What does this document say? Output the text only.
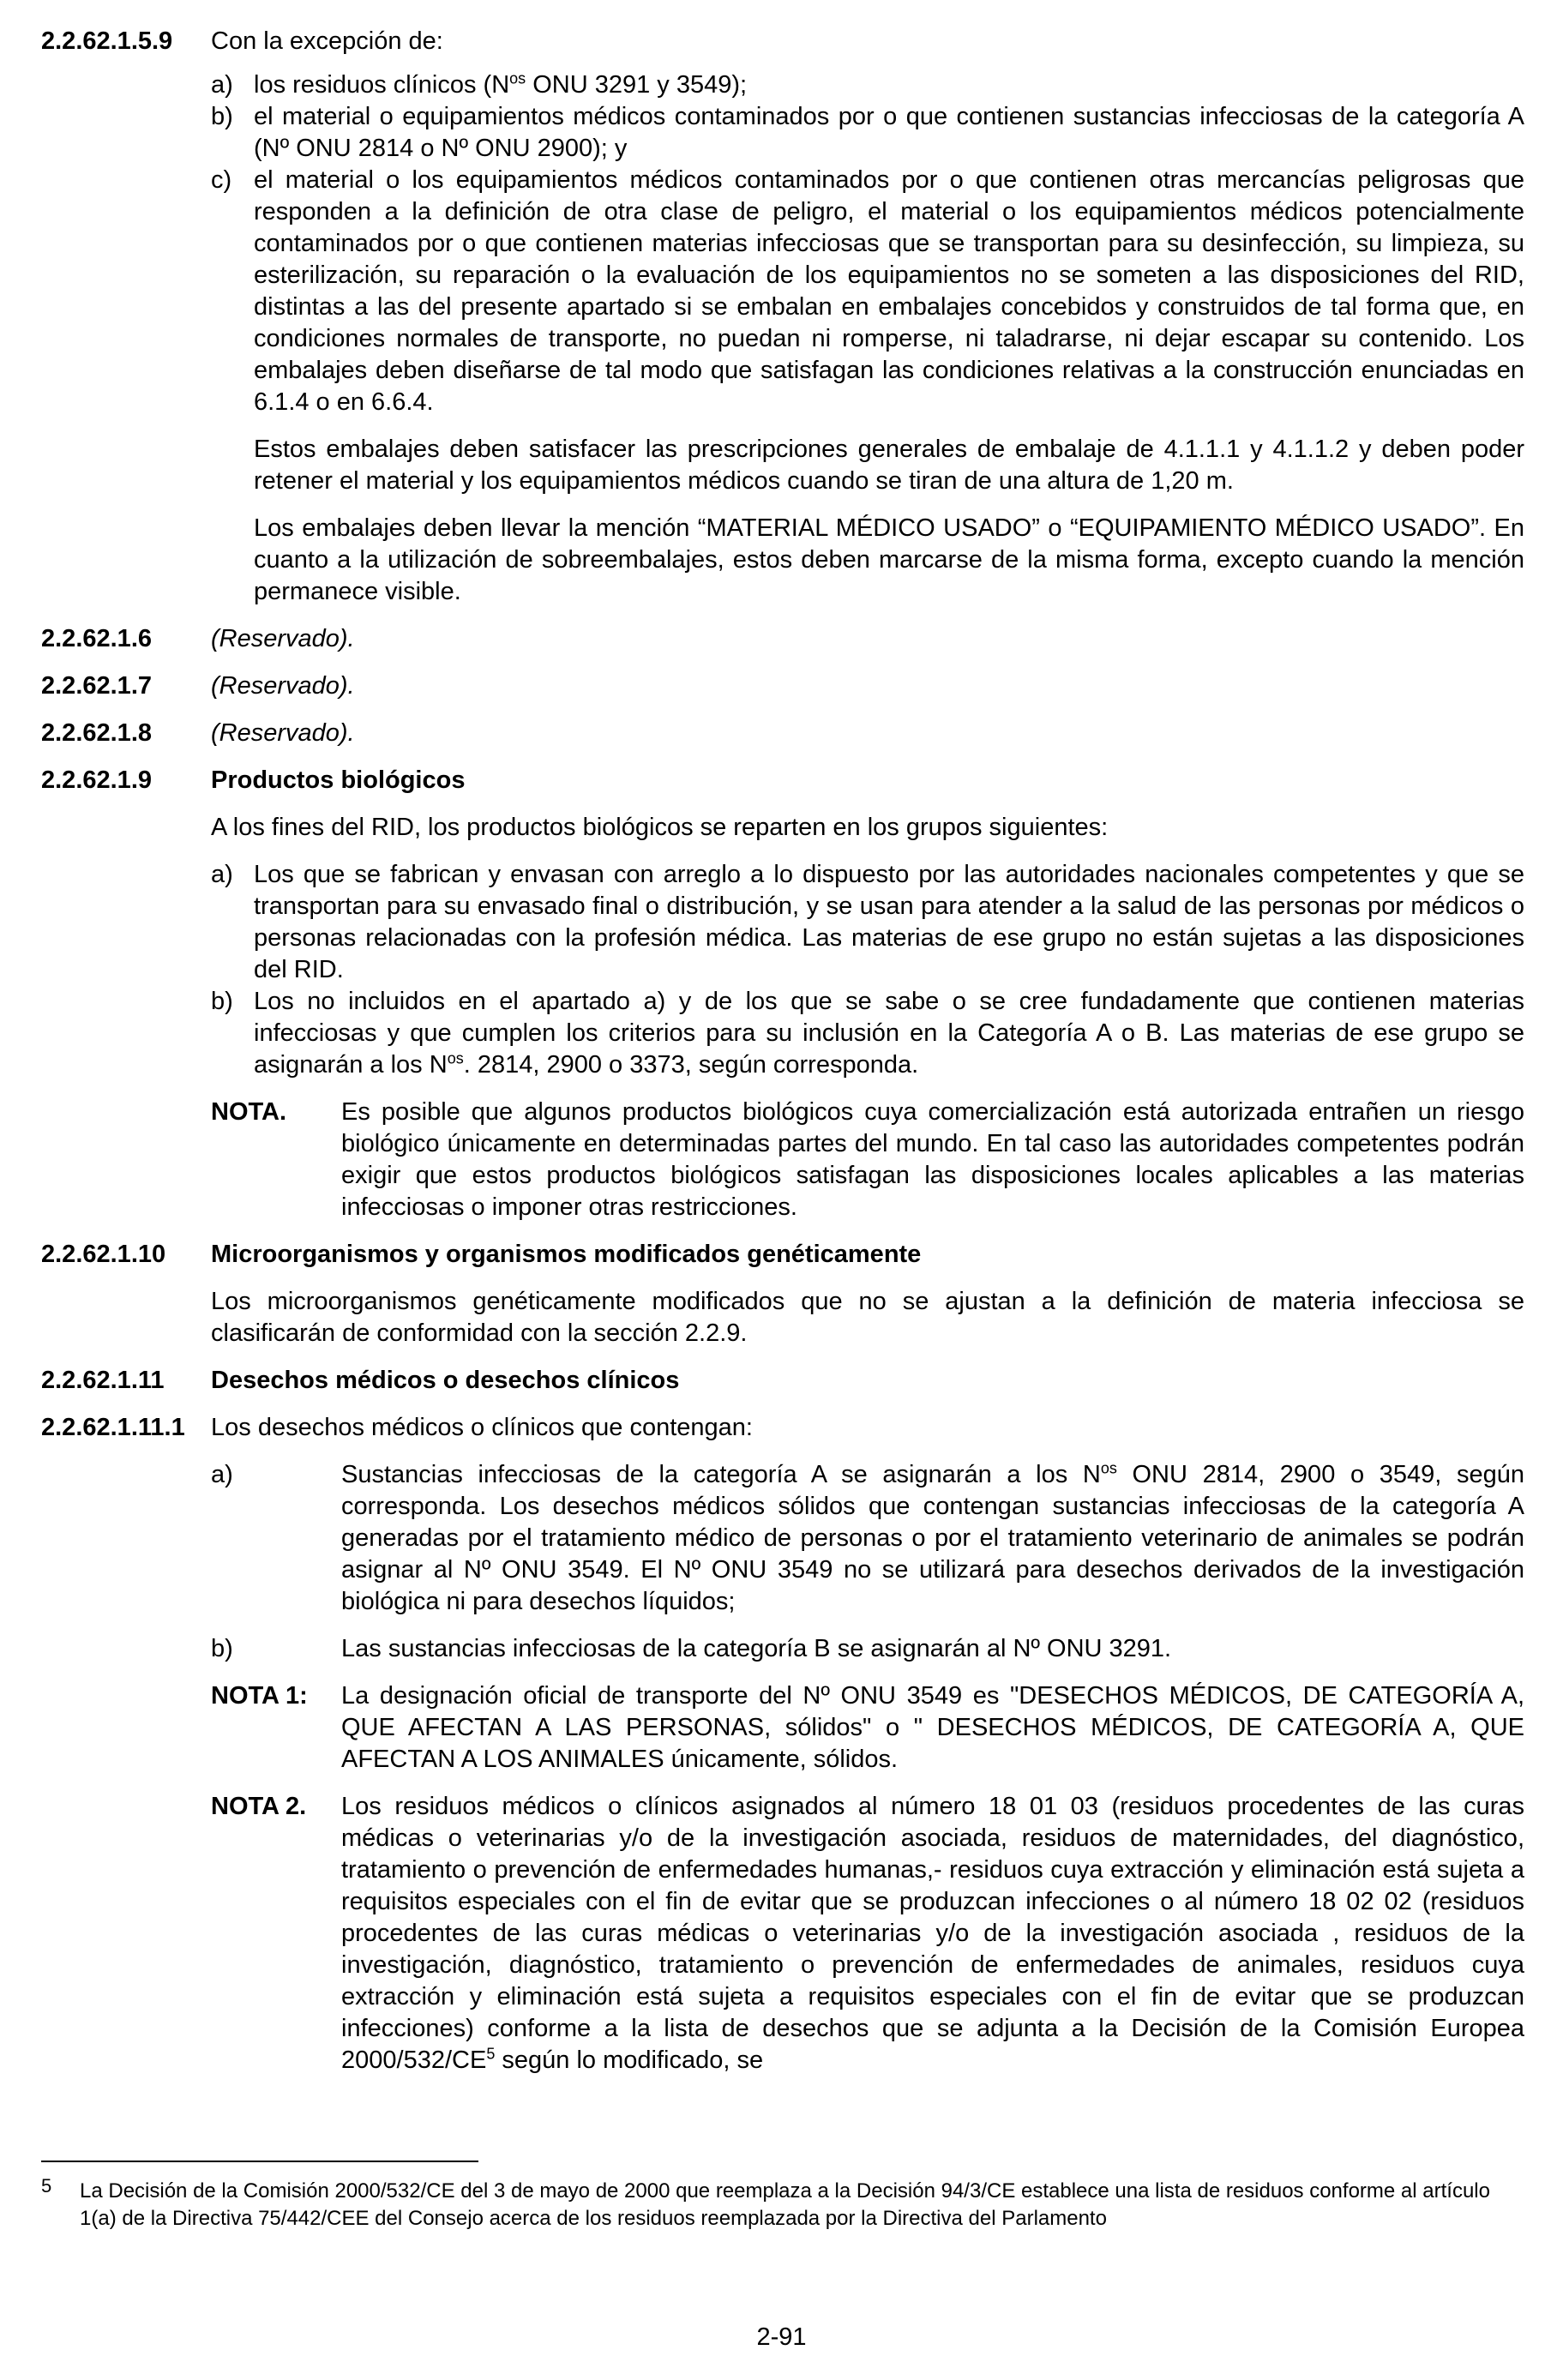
2.2.62.1.5.9 Con la excepción de:
a) los residuos clínicos ($N^{os}$ ONU 3291 y 3549);
b) el material o equipamientos médicos contaminados por o que contienen sustancias infecciosas de la categoría A (Nº ONU 2814 o Nº ONU 2900); y
c) el material o los equipamientos médicos contaminados por o que contienen otras mercancías peligrosas que responden a la definición de otra clase de peligro, el material o los equipamientos médicos potencialmente contaminados por o que contienen materias infecciosas que se transportan para su desinfección, su limpieza, su esterilización, su reparación o la evaluación de los equipamientos no se someten a las disposiciones del RID, distintas a las del presente apartado si se embalan en embalajes concebidos y construidos de tal forma que, en condiciones normales de transporte, no puedan ni romperse, ni taladrarse, ni dejar escapar su contenido. Los embalajes deben diseñarse de tal modo que satisfagan las condiciones relativas a la construcción enunciadas en 6.1.4 o en 6.6.4.
Estos embalajes deben satisfacer las prescripciones generales de embalaje de 4.1.1.1 y 4.1.1.2 y deben poder retener el material y los equipamientos médicos cuando se tiran de una altura de 1,20 m.
Los embalajes deben llevar la mención “MATERIAL MÉDICO USADO” o “EQUIPAMIENTO MÉDICO USADO”. En cuanto a la utilización de sobreembalajes, estos deben marcarse de la misma forma, excepto cuando la mención permanece visible.
2.2.62.1.6 (Reservado).
2.2.62.1.7 (Reservado).
2.2.62.1.8 (Reservado).
2.2.62.1.9 Productos biológicos
A los fines del RID, los productos biológicos se reparten en los grupos siguientes:
a) Los que se fabrican y envasan con arreglo a lo dispuesto por las autoridades nacionales competentes y que se transportan para su envasado final o distribución, y se usan para atender a la salud de las personas por médicos o personas relacionadas con la profesión médica. Las materias de ese grupo no están sujetas a las disposiciones del RID.
b) Los no incluidos en el apartado a) y de los que se sabe o se cree fundadamente que contienen materias infecciosas y que cumplen los criterios para su inclusión en la Categoría A o B. Las materias de ese grupo se asignarán a los $N^{os}$. 2814, 2900 o 3373, según corresponda.
NOTA. Es posible que algunos productos biológicos cuya comercialización está autorizada entrañen un riesgo biológico únicamente en determinadas partes del mundo. En tal caso las autoridades competentes podrán exigir que estos productos biológicos satisfagan las disposiciones locales aplicables a las materias infecciosas o imponer otras restricciones.
2.2.62.1.10 Microorganismos y organismos modificados genéticamente
Los microorganismos genéticamente modificados que no se ajustan a la definición de materia infecciosa se clasificarán de conformidad con la sección 2.2.9.
2.2.62.1.11 Desechos médicos o desechos clínicos
2.2.62.1.11.1 Los desechos médicos o clínicos que contengan:
a)	Sustancias infecciosas de la categoría A se asignarán a los $N^{os}$ ONU 2814, 2900 o 3549, según corresponda. Los desechos médicos sólidos que contengan sustancias infecciosas de la categoría A generadas por el tratamiento médico de personas o por el tratamiento veterinario de animales se podrán asignar al Nº ONU 3549. El Nº ONU 3549 no se utilizará para desechos derivados de la investigación biológica ni para desechos líquidos;
b)	Las sustancias infecciosas de la categoría B se asignarán al Nº ONU 3291.
NOTA 1: La designación oficial de transporte del Nº ONU 3549 es "DESECHOS MÉDICOS, DE CATEGORÍA A, QUE AFECTAN A LAS PERSONAS, sólidos" o " DESECHOS MÉDICOS, DE CATEGORÍA A, QUE AFECTAN A LOS ANIMALES únicamente, sólidos.
NOTA 2. Los residuos médicos o clínicos asignados al número 18 01 03 (residuos procedentes de las curas médicas o veterinarias y/o de la investigación asociada, residuos de maternidades, del diagnóstico, tratamiento o prevención de enfermedades humanas,- residuos cuya extracción y eliminación está sujeta a requisitos especiales con el fin de evitar que se produzcan infecciones o al número 18 02 02 (residuos procedentes de las curas médicas o veterinarias y/o de la investigación asociada , residuos de la investigación, diagnóstico, tratamiento o prevención de enfermedades de animales, residuos cuya extracción y eliminación está sujeta a requisitos especiales con el fin de evitar que se produzcan infecciones) conforme a la lista de desechos que se adjunta a la Decisión de la Comisión Europea $2000/532/CE^5$ según lo modificado, se
5 La Decisión de la Comisión 2000/532/CE del 3 de mayo de 2000 que reemplaza a la Decisión 94/3/CE establece una lista de residuos conforme al artículo 1(a) de la Directiva 75/442/CEE del Consejo acerca de los residuos reemplazada por la Directiva del Parlamento
2-91
